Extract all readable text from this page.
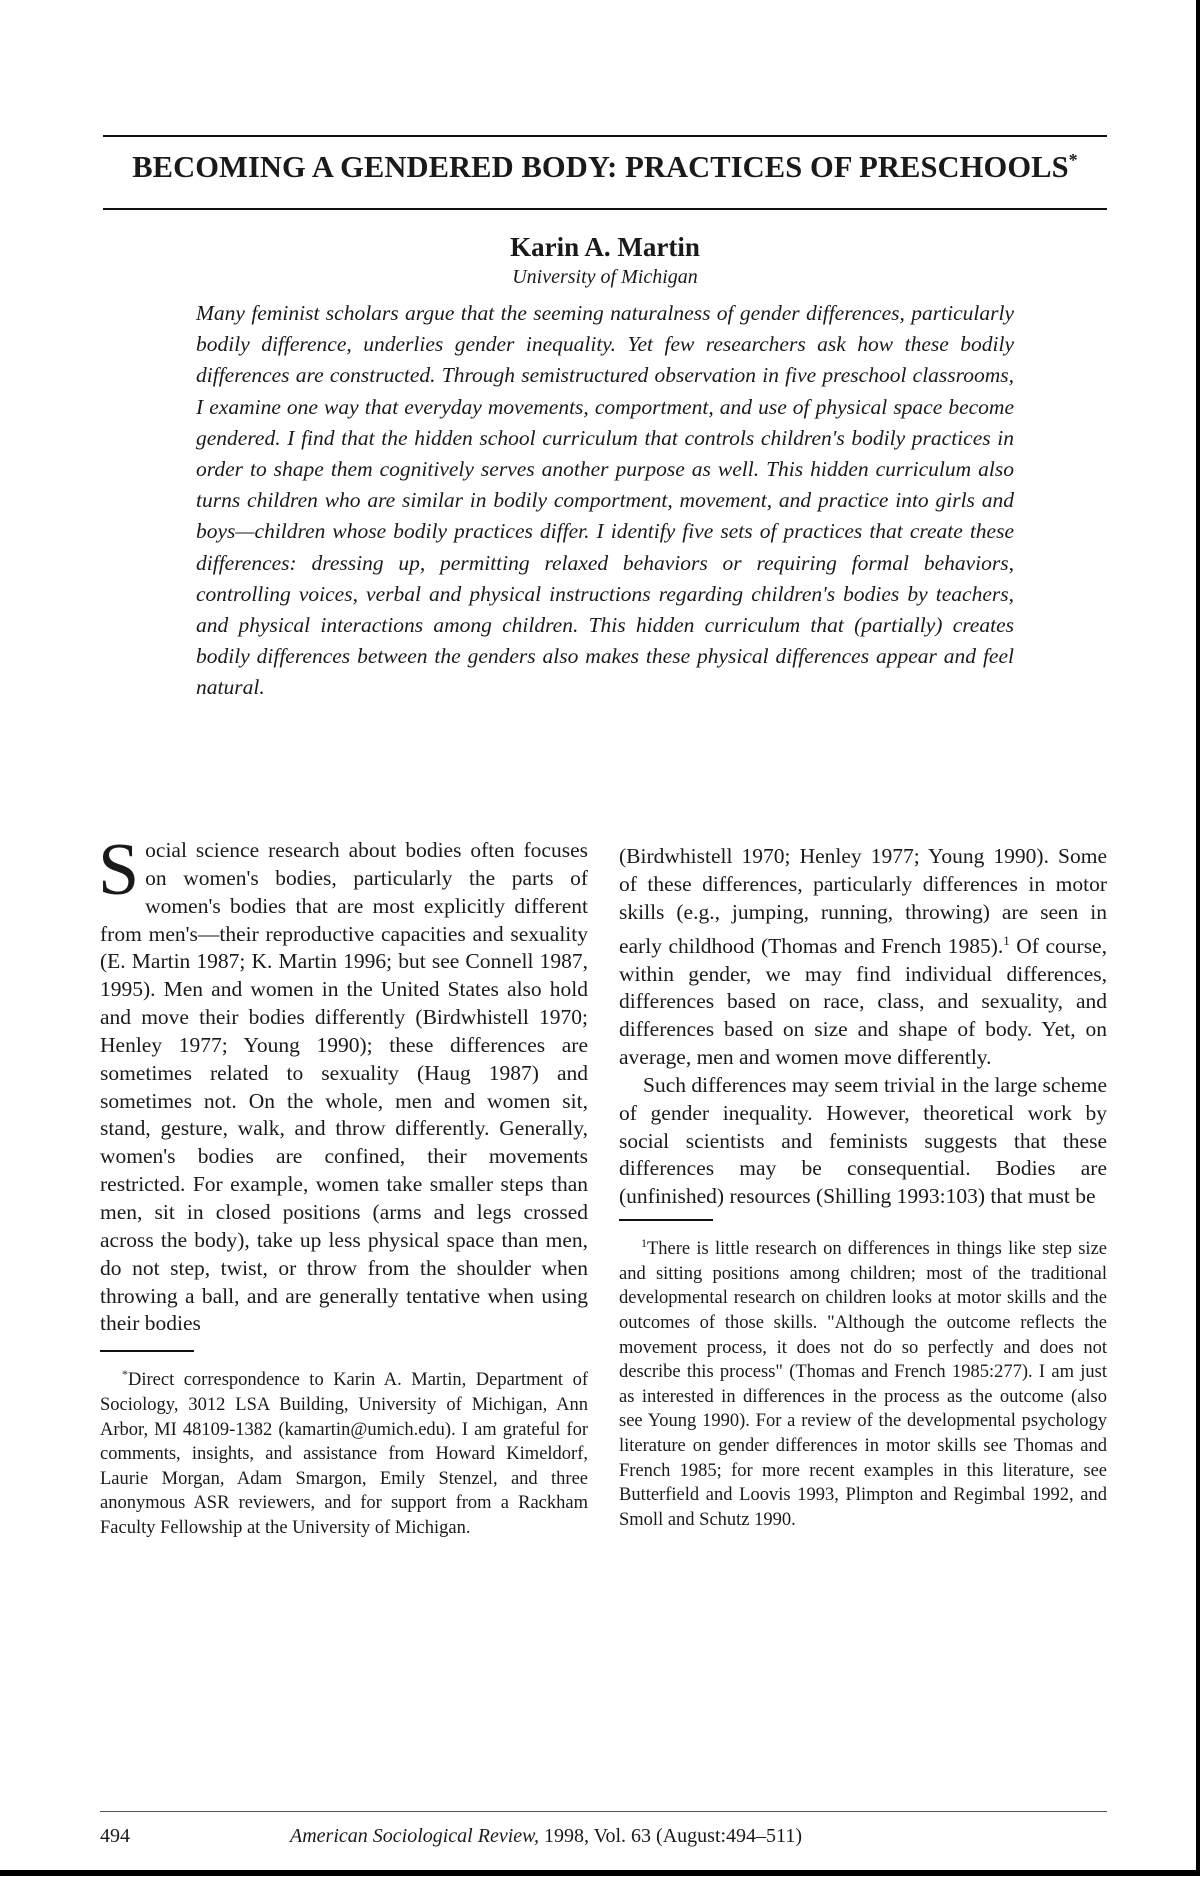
BECOMING A GENDERED BODY: PRACTICES OF PRESCHOOLS*
Karin A. Martin
University of Michigan

Many feminist scholars argue that the seeming naturalness of gender differences, particularly bodily difference, underlies gender inequality. Yet few researchers ask how these bodily differences are constructed. Through semistructured observation in five preschool classrooms, I examine one way that everyday movements, comportment, and use of physical space become gendered. I find that the hidden school curriculum that controls children's bodily practices in order to shape them cognitively serves another purpose as well. This hidden curriculum also turns children who are similar in bodily comportment, movement, and practice into girls and boys—children whose bodily practices differ. I identify five sets of practices that create these differences: dressing up, permitting relaxed behaviors or requiring formal behaviors, controlling voices, verbal and physical instructions regarding children's bodies by teachers, and physical interactions among children. This hidden curriculum that (partially) creates bodily differences between the genders also makes these physical differences appear and feel natural.

Social science research about bodies often focuses on women's bodies, particularly the parts of women's bodies that are most explicitly different from men's—their reproductive capacities and sexuality (E. Martin 1987; K. Martin 1996; but see Connell 1987, 1995). Men and women in the United States also hold and move their bodies differently (Birdwhistell 1970; Henley 1977; Young 1990); these differences are sometimes related to sexuality (Haug 1987) and sometimes not. On the whole, men and women sit, stand, gesture, walk, and throw differently. Generally, women's bodies are confined, their movements restricted. For example, women take smaller steps than men, sit in closed positions (arms and legs crossed across the body), take up less physical space than men, do not step, twist, or throw from the shoulder when throwing a ball, and are generally tentative when using their bodies

*Direct correspondence to Karin A. Martin, Department of Sociology, 3012 LSA Building, University of Michigan, Ann Arbor, MI 48109-1382 (kamartin@umich.edu). I am grateful for comments, insights, and assistance from Howard Kimeldorf, Laurie Morgan, Adam Smargon, Emily Stenzel, and three anonymous ASR reviewers, and for support from a Rackham Faculty Fellowship at the University of Michigan.

(Birdwhistell 1970; Henley 1977; Young 1990). Some of these differences, particularly differences in motor skills (e.g., jumping, running, throwing) are seen in early childhood (Thomas and French 1985).$^1$ Of course, within gender, we may find individual differences, differences based on race, class, and sexuality, and differences based on size and shape of body. Yet, on average, men and women move differently.

Such differences may seem trivial in the large scheme of gender inequality. However, theoretical work by social scientists and feminists suggests that these differences may be consequential. Bodies are (unfinished) resources (Shilling 1993:103) that must be

$^1$There is little research on differences in things like step size and sitting positions among children; most of the traditional developmental research on children looks at motor skills and the outcomes of those skills. "Although the outcome reflects the movement process, it does not do so perfectly and does not describe this process" (Thomas and French 1985:277). I am just as interested in differences in the process as the outcome (also see Young 1990). For a review of the developmental psychology literature on gender differences in motor skills see Thomas and French 1985; for more recent examples in this literature, see Butterfield and Loovis 1993, Plimpton and Regimbal 1992, and Smoll and Schutz 1990.

494	American Sociological Review, 1998, Vol. 63 (August:494–511)
